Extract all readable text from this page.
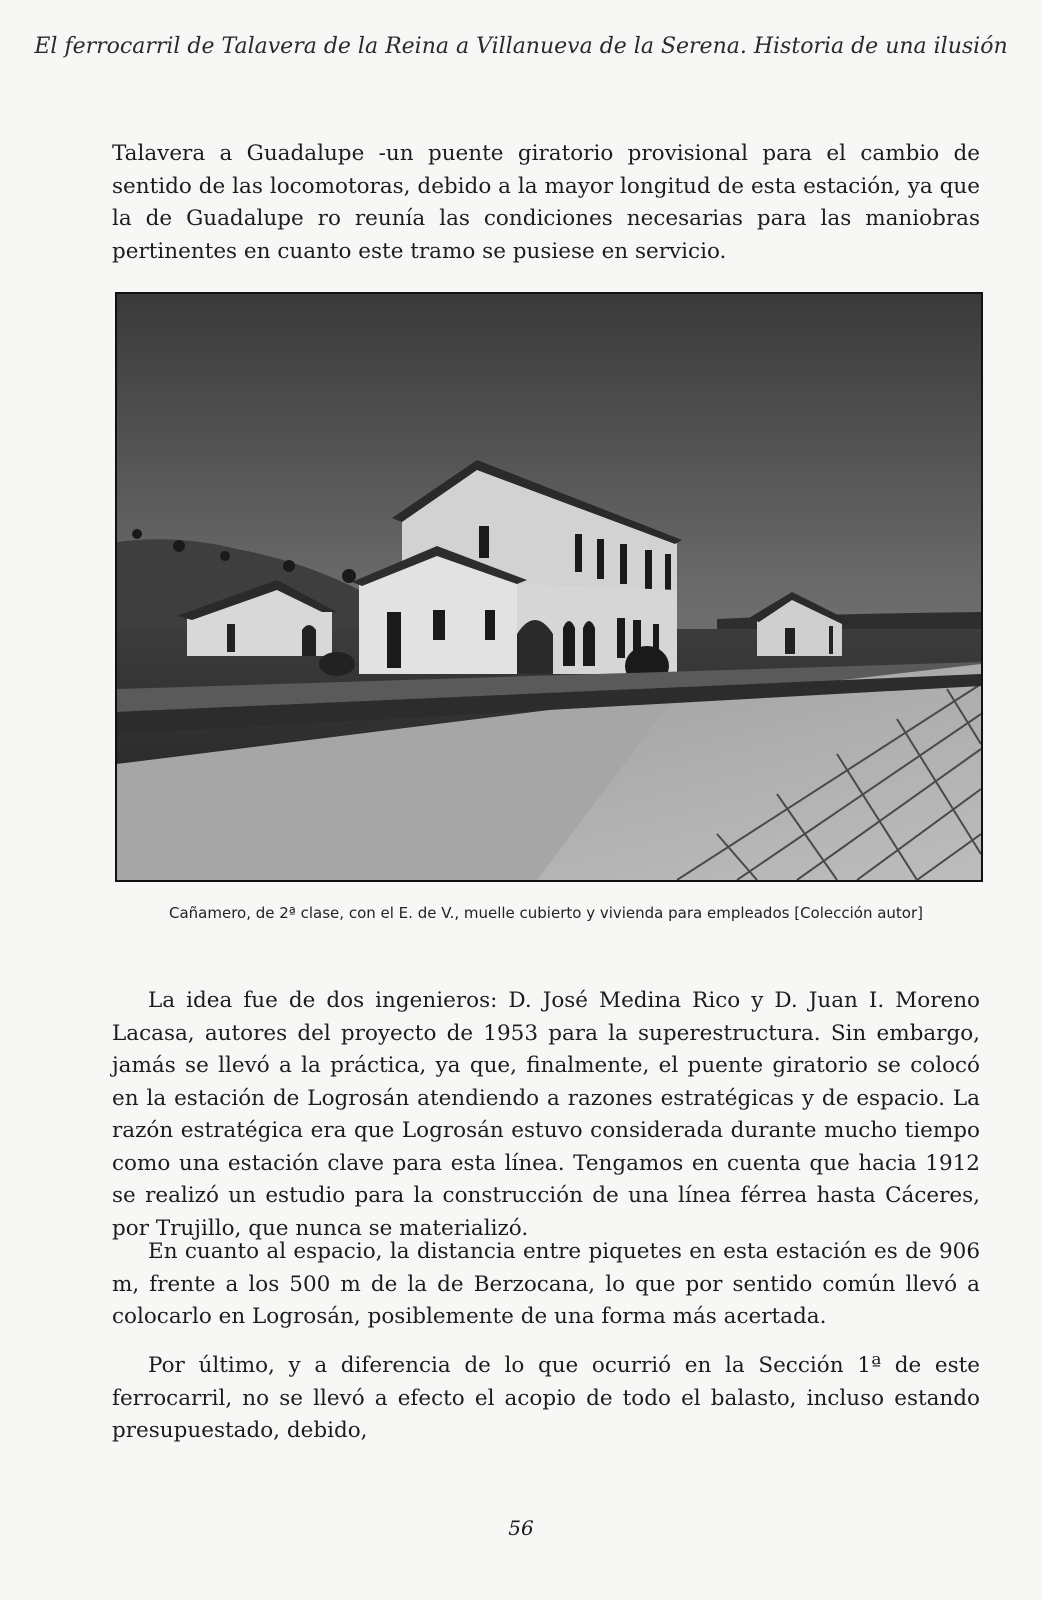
El ferrocarril de Talavera de la Reina a Villanueva de la Serena. Historia de una ilusión

Talavera a Guadalupe -un puente giratorio provisional para el cambio de sentido de las locomotoras, debido a la mayor longitud de esta estación, ya que la de Guadalupe ro reunía las condiciones necesarias para las maniobras pertinentes en cuanto este tramo se pusiese en servicio.

Cañamero, de 2ª clase, con el E. de V., muelle cubierto y vivienda para empleados [Colección autor]

La idea fue de dos ingenieros: D. José Medina Rico y D. Juan I. Moreno Lacasa, autores del proyecto de 1953 para la superestructura. Sin embargo, jamás se llevó a la práctica, ya que, finalmente, el puente giratorio se colocó en la estación de Logrosán atendiendo a razones estratégicas y de espacio. La razón estratégica era que Logrosán estuvo considerada durante mucho tiempo como una estación clave para esta línea. Tengamos en cuenta que hacia 1912 se realizó un estudio para la construcción de una línea férrea hasta Cáceres, por Trujillo, que nunca se materializó.

En cuanto al espacio, la distancia entre piquetes en esta estación es de 906 m, frente a los 500 m de la de Berzocana, lo que por sentido común llevó a colocarlo en Logrosán, posiblemente de una forma más acertada.

Por último, y a diferencia de lo que ocurrió en la Sección 1ª de este ferrocarril, no se llevó a efecto el acopio de todo el balasto, incluso estando presupuestado, debido,

56
